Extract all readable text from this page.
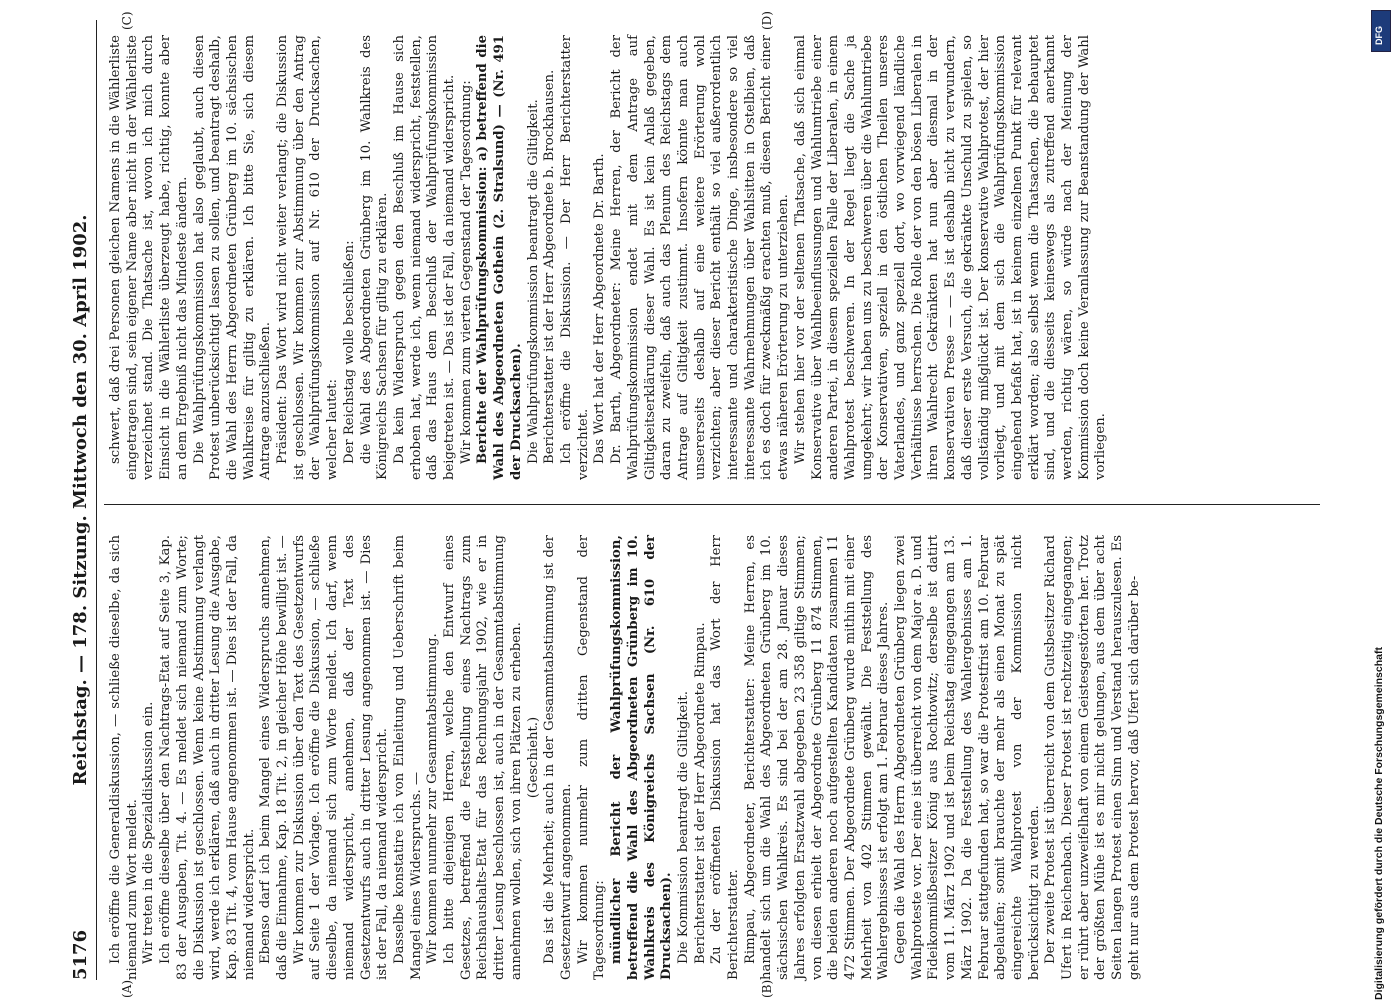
5176
Reichstag. — 178. Sitzung. Mittwoch den 30. April 1902.
(A)	(B)
(C)	(D)

Ich eröffne die Generaldiskussion, — schließe dieselbe, da sich niemand zum Wort meldet. Wir treten in die Spezialdiskussion ein. Ich eröffne dieselbe über den Nachtrags-Etat auf Seite 3, Kap. 83 der Ausgaben, Tit. 4. — Es meldet sich niemand zum Worte; die Diskussion ist geschlossen. Wenn keine Abstimmung verlangt wird, werde ich erklären, daß auch in dritter Lesung die Ausgabe, Kap. 83 Tit. 4, vom Hause angenommen ist. — Dies ist der Fall, da niemand widerspricht. Ebenso darf ich beim Mangel eines Widerspruchs annehmen, daß die Einnahme, Kap. 18 Tit. 2, in gleicher Höhe bewilligt ist. — Wir kommen zur Diskussion über den Text des Gesetzentwurfs auf Seite 1 der Vorlage. Ich eröffne die Diskussion, — schließe dieselbe, da niemand sich zum Worte meldet. Ich darf, wenn niemand widerspricht, annehmen, daß der Text des Gesetzentwurfs auch in dritter Lesung angenommen ist. — Dies ist der Fall, da niemand widerspricht. Dasselbe konstatire ich von Einleitung und Ueberschrift beim Mangel eines Widerspruchs. — Wir kommen nunmehr zur Gesammtabstimmung. Ich bitte diejenigen Herren, welche den Entwurf eines Gesetzes, betreffend die Feststellung eines Nachtrags zum Reichshaushalts-Etat für das Rechnungsjahr 1902, wie er in dritter Lesung beschlossen ist, auch in der Gesammtabstimmung annehmen wollen, sich von ihren Plätzen zu erheben. (Geschieht.) Das ist die Mehrheit; auch in der Gesammtabstimmung ist der Gesetzentwurf angenommen. Wir kommen nunmehr zum dritten Gegenstand der Tagesordnung: mündlicher Bericht der Wahlprüfungskommission, betreffend die Wahl des Abgeordneten Grünberg im 10. Wahlkreis des Königreichs Sachsen (Nr. 610 der Drucksachen). Die Kommission beantragt die Giltigkeit. Berichterstatter ist der Herr Abgeordnete Rimpau. Zu der eröffneten Diskussion hat das Wort der Herr Berichterstatter. Rimpau, Abgeordneter, Berichterstatter: Meine Herren, es handelt sich um die Wahl des Abgeordneten Grünberg im 10. sächsischen Wahlkreis. Es sind bei der am 28. Januar dieses Jahres erfolgten Ersatzwahl abgegeben 23 358 giltige Stimmen; von diesen erhielt der Abgeordnete Grünberg 11 874 Stimmen, die beiden anderen noch aufgestellten Kandidaten zusammen 11 472 Stimmen. Der Abgeordnete Grünberg wurde mithin mit einer Mehrheit von 402 Stimmen gewählt. Die Feststellung des Wahlergebnisses ist erfolgt am 1. Februar dieses Jahres. Gegen die Wahl des Herrn Abgeordneten Grünberg liegen zwei Wahlproteste vor. Der eine ist überreicht von dem Major a. D. und Fideikommißbesitzer König aus Rochtowitz; derselbe ist datirt vom 11. März 1902 und ist beim Reichstag eingegangen am 13. März 1902. Da die Feststellung des Wahlergebnisses am 1. Februar stattgefunden hat, so war die Protestfrist am 10. Februar abgelaufen; somit brauchte der mehr als einen Monat zu spät eingereichte Wahlprotest von der Kommission nicht berücksichtigt zu werden. Der zweite Protest ist überreicht von dem Gutsbesitzer Richard Ufert in Reichenbach. Dieser Protest ist rechtzeitig eingegangen; er rührt aber unzweifelhaft von einem Geistesgestörten her. Trotz der größten Mühe ist es mir nicht gelungen, aus dem über acht Seiten langen Protest einen Sinn und Verstand herauszulesen. Es geht nur aus dem Protest hervor, daß Ufert sich darüber be-

schwert, daß drei Personen gleichen Namens in die Wählerliste eingetragen sind, sein eigener Name aber nicht in der Wählerliste verzeichnet stand. Die Thatsache ist, wovon ich mich durch Einsicht in die Wählerliste überzeugt habe, richtig, konnte aber an dem Ergebniß nicht das Mindeste ändern. Die Wahlprüfungskommission hat also geglaubt, auch diesen Protest unberücksichtigt lassen zu sollen, und beantragt deshalb, die Wahl des Herrn Abgeordneten Grünberg im 10. sächsischen Wahlkreise für giltig zu erklären. Ich bitte Sie, sich diesem Antrage anzuschließen. Präsident: Das Wort wird nicht weiter verlangt; die Diskussion ist geschlossen. Wir kommen zur Abstimmung über den Antrag der Wahlprüfungskommission auf Nr. 610 der Drucksachen, welcher lautet: Der Reichstag wolle beschließen: die Wahl des Abgeordneten Grünberg im 10. Wahlkreis des Königreichs Sachsen für giltig zu erklären. Da kein Widerspruch gegen den Beschluß im Hause sich erhoben hat, werde ich, wenn niemand widerspricht, feststellen, daß das Haus dem Beschluß der Wahlprüfungskommission beigetreten ist. — Das ist der Fall, da niemand widerspricht. Wir kommen zum vierten Gegenstand der Tagesordnung: Berichte der Wahlprüfungskommission: a) betreffend die Wahl des Abgeordneten Gothein (2. Stralsund) — (Nr. 491 der Drucksachen). Die Wahlprüfungskommission beantragt die Giltigkeit. Berichterstatter ist der Herr Abgeordnete b. Brockhausen. Ich eröffne die Diskussion. — Der Herr Berichterstatter verzichtet. Das Wort hat der Herr Abgeordnete Dr. Barth. Dr. Barth, Abgeordneter: Meine Herren, der Bericht der Wahlprüfungskommission endet mit dem Antrage auf Giltigkeitserklärung dieser Wahl. Es ist kein Anlaß gegeben, daran zu zweifeln, daß auch das Plenum des Reichstags dem Antrage auf Giltigkeit zustimmt. Insofern könnte man auch unsererseits deshalb auf eine weitere Erörterung wohl verzichten; aber dieser Bericht enthält so viel außerordentlich interessante und charakteristische Dinge, insbesondere so viel interessante Wahrnehmungen über Wahlsitten in Ostelbien, daß ich es doch für zweckmäßig erachten muß, diesen Bericht einer etwas näheren Erörterung zu unterziehen. Wir stehen hier vor der seltenen Thatsache, daß sich einmal Konservative über Wahlbeeinflussungen und Wahlumtriebe einer anderen Partei, in diesem speziellen Falle der Liberalen, in einem Wahlprotest beschweren. In der Regel liegt die Sache ja umgekehrt; wir haben uns zu beschweren über die Wahlumtriebe der Konservativen, speziell in den östlichen Theilen unseres Vaterlandes, und ganz speziell dort, wo vorwiegend ländliche Verhältnisse herrschen. Die Rolle der von den bösen Liberalen in ihren Wahlrecht Gekränkten hat nun aber diesmal in der konservativen Presse — — Es ist deshalb nicht zu verwundern, daß dieser erste Versuch, die gekränkte Unschuld zu spielen, so vollständig mißglückt ist. Der konservative Wahlprotest, der hier vorliegt, und mit dem sich die Wahlprüfungskommission eingehend befaßt hat, ist in keinem einzelnen Punkt für relevant erklärt worden; also selbst wenn die Thatsachen, die behauptet sind, und die diesseits keineswegs als zutreffend anerkannt werden, richtig wären, so würde nach der Meinung der Kommission doch keine Veranlassung zur Beanstandung der Wahl vorliegen.

DFG
Digitalisierung gefördert durch die Deutsche Forschungsgemeinschaft
